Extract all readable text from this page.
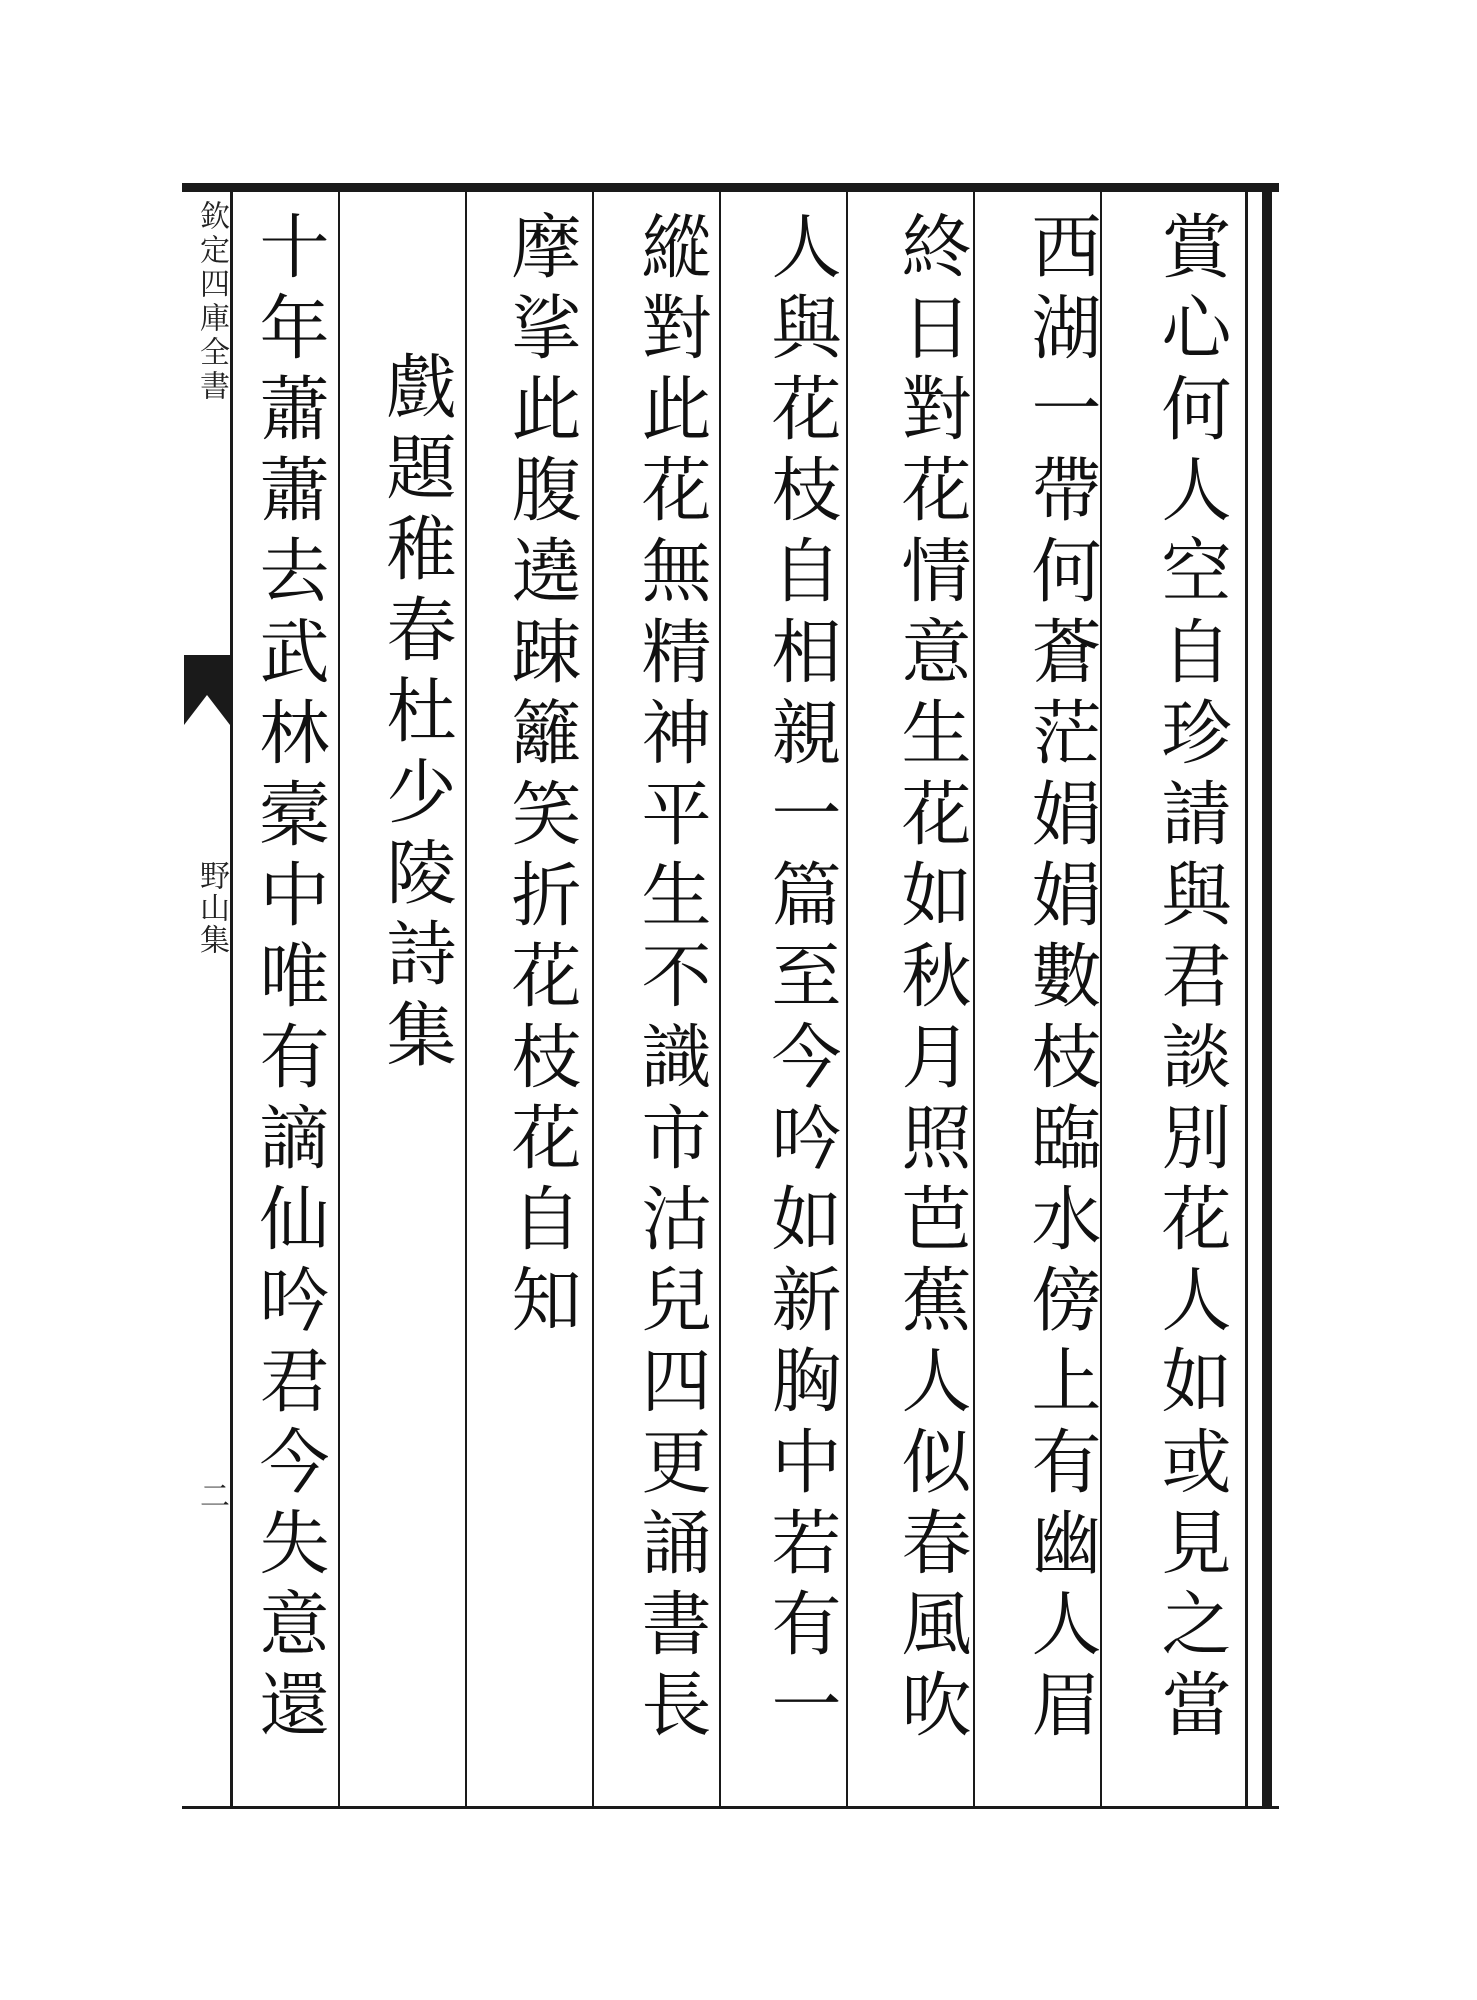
欽定四庫全書
野山集
二
賞心何人空自珍請與君談別花人如或見之當
西湖一帶何蒼茫娟娟數枝臨水傍上有幽人眉
終日對花情意生花如秋月照芭蕉人似春風吹
人與花枝自相親一篇至今吟如新胸中若有一
縱對此花無精神平生不識市沽兒四更誦書長
摩挲此腹遶踈籬笑折花枝花自知
戲題稚春杜少陵詩集
十年蕭蕭去武林槖中唯有謫仙吟君今失意還
